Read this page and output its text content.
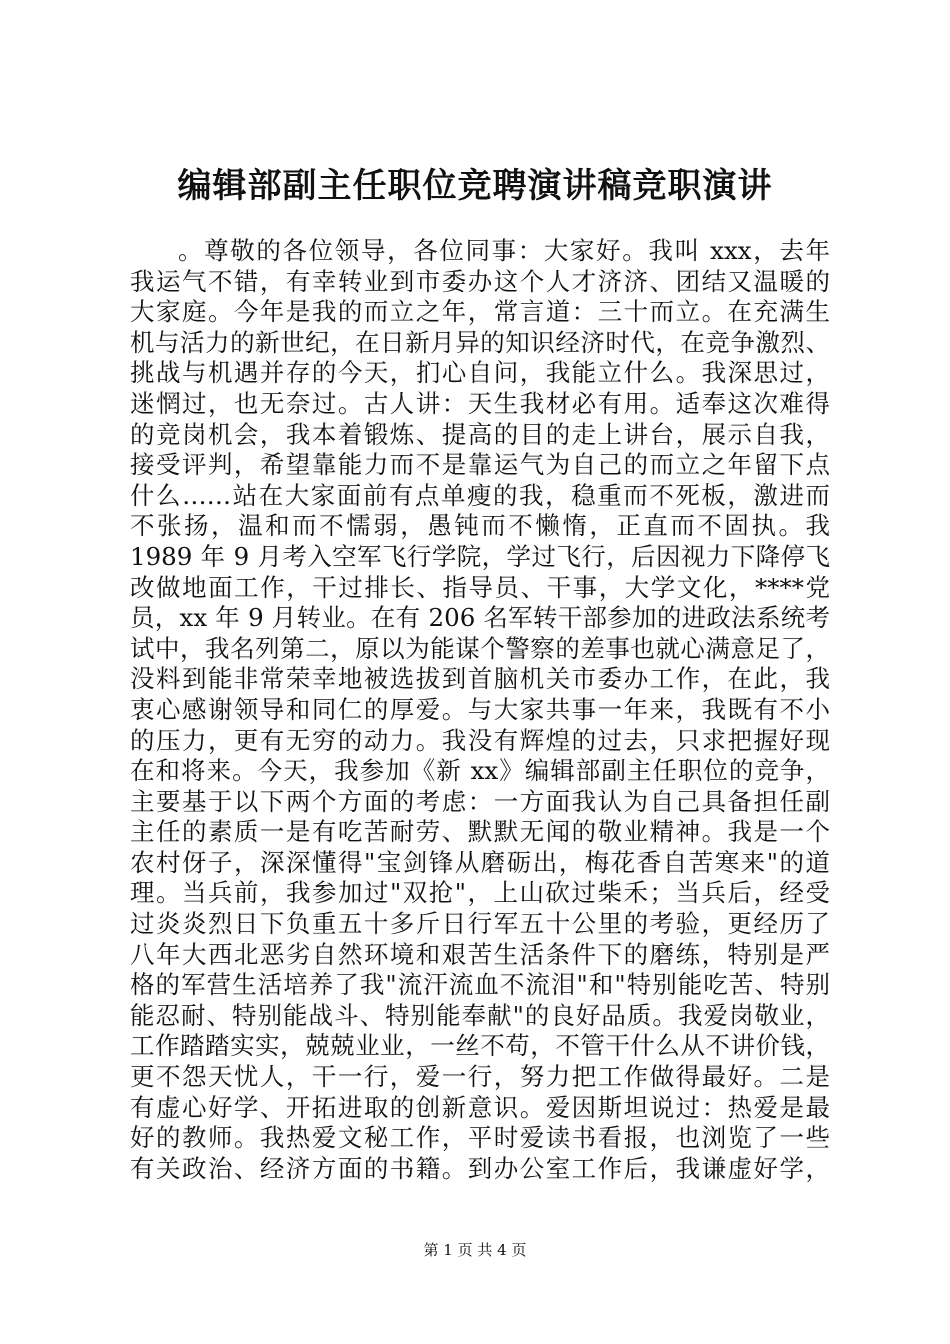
编辑部副主任职位竞聘演讲稿竞职演讲
。尊敬的各位领导，各位同事：大家好。我叫 xxx，去年
我运气不错，有幸转业到市委办这个人才济济、团结又温暖的
大家庭。今年是我的而立之年，常言道：三十而立。在充满生
机与活力的新世纪，在日新月异的知识经济时代，在竞争激烈、
挑战与机遇并存的今天，扪心自问，我能立什么。我深思过，
迷惘过，也无奈过。古人讲：天生我材必有用。适奉这次难得
的竞岗机会，我本着锻炼、提高的目的走上讲台，展示自我，
接受评判，希望靠能力而不是靠运气为自己的而立之年留下点
什么……站在大家面前有点单瘦的我，稳重而不死板，激进而
不张扬，温和而不懦弱，愚钝而不懒惰，正直而不固执。我
1989 年 9 月考入空军飞行学院，学过飞行，后因视力下降停飞
改做地面工作，干过排长、指导员、干事，大学文化，****党
员，xx 年 9 月转业。在有 206 名军转干部参加的进政法系统考
试中，我名列第二，原以为能谋个警察的差事也就心满意足了，
没料到能非常荣幸地被选拔到首脑机关市委办工作，在此，我
衷心感谢领导和同仁的厚爱。与大家共事一年来，我既有不小
的压力，更有无穷的动力。我没有辉煌的过去，只求把握好现
在和将来。今天，我参加《新 xx》编辑部副主任职位的竞争，
主要基于以下两个方面的考虑：一方面我认为自己具备担任副
主任的素质一是有吃苦耐劳、默默无闻的敬业精神。我是一个
农村伢子，深深懂得"宝剑锋从磨砺出，梅花香自苦寒来"的道
理。当兵前，我参加过"双抢"，上山砍过柴禾；当兵后，经受
过炎炎烈日下负重五十多斤日行军五十公里的考验，更经历了
八年大西北恶劣自然环境和艰苦生活条件下的磨练，特别是严
格的军营生活培养了我"流汗流血不流泪"和"特别能吃苦、特别
能忍耐、特别能战斗、特别能奉献"的良好品质。我爱岗敬业，
工作踏踏实实，兢兢业业，一丝不苟，不管干什么从不讲价钱，
更不怨天忧人，干一行，爱一行，努力把工作做得最好。二是
有虚心好学、开拓进取的创新意识。爱因斯坦说过：热爱是最
好的教师。我热爱文秘工作，平时爱读书看报，也浏览了一些
有关政治、经济方面的书籍。到办公室工作后，我谦虚好学，
第 1 页 共 4 页
